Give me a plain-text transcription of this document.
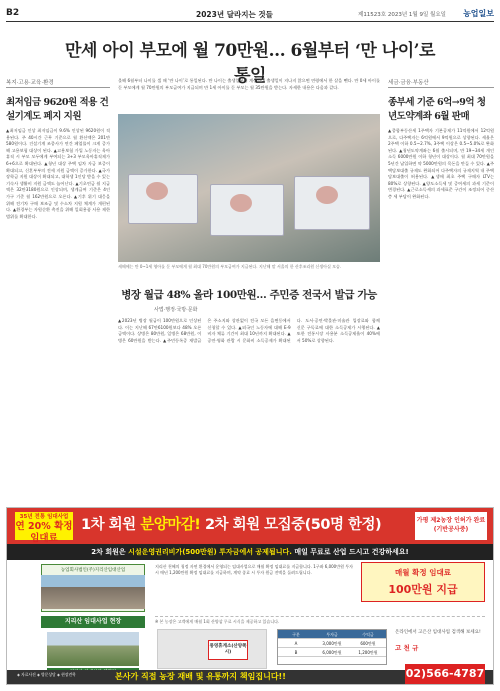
B2	2023년 달라지는 것들	제11523호 2023년 1월 9일 월요일 농업일보
만세 아이 부모에 월 70만원… 6월부터 ‘만 나이’로 통일
복지·고용·교육·환경
최저임금 9620원 적용 건설기계도 페지 지원
▲최저임금 인상 최저임금이 9.6% 인상된 9620원이 적용된다. 주 40시간 근무 기준으로 월 환산액은 201만580원이다. 건설기계 조종사가 연간 페업률이 크게 증가해 고용보험 대상이 된다. ▲고용보험 가입 노동자는 육아휴직 시 부모 모두에게 부여되는 3+3 부모육아휴직제가 6+6으로 확대된다. ▲청년 대상 주택 임차 자금 보증이 확대되고, 신혼부부의 전세 지원 금액이 증가한다. ▲국가장학금 지원 대상이 확대되고, 대학생 1인당 받을 수 있는 기숙사 생활비 지원 금액도 늘어난다. ▲기초연금 월 지급액은 32만3180원으로 인상되며, 생계급여 기준은 4인 가구 기준 월 162만원으로 오른다. ▲기후 위기 대응을 위해 전기차 구매 보조금 및 수소차 지원 체계가 개편된다. ▲환경부는 자원순환 촉진을 위해 일회용품 사용 제한 범위를 확대한다.
올해 6월부터 나이를 셀 때 ‘만 나이’로 통일된다. 만 나이는 출생일부터 계산하며 출생일이 지나지 않으면 연령에서 한 살을 뺀다. 만 0세 아이를 둔 부모에게 월 70만원의 부모급여가 지급되며 만 1세 아이를 둔 부모는 월 35만원을 받는다. 자세한 내용은 다음과 같다.
새해에는 만 0~1세 영아를 둔 부모에게 월 최대 70만원의 부모급여가 지급된다. 지난해 말 서울의 한 산후조리원 신생아실 모습.
병장 월급 48% 올라 100만원… 주민증 전국서 발급 가능
사법·행정·국방·문화
▲2023년 병장 월급이 100만원으로 인상된다. 이는 지난해 67만6100원보다 48% 오른 금액이다. 상병은 80만원, 일병은 68만원, 이병은 60만원을 받는다. ▲주민등록증 재발급은 주소지와 상관없이 전국 모든 읍면동에서 신청할 수 있다. ▲외국인 노동자에 대해 E-9 비자 체류 기간이 최대 10년까지 확대된다. ▲공연·영화 관람 시 문화비 소득공제가 확대된다. 도서·공연·박물관·미술관 입장료와 함께 신문 구독료에 대한 소득공제가 시행된다. ▲또한 전통시장 사용분 소득공제율이 40%에서 50%로 상향된다.
세금·금융·부동산
종부세 기준 6억→9억 청년도약계좌 6월 판매
▲종합부동산세 1주택자 기본공제가 11억원에서 12억원으로, 다주택자는 6억원에서 9억원으로 상향된다. 세율은 2주택 이하 0.5~2.7%, 3주택 이상은 0.5~5.0%로 완화된다. ▲청년도약계좌는 6월 출시되며, 만 19~34세 개인소득 6000만원 이하 청년이 대상이다. 월 최대 70만원을 5년간 납입하면 약 5000만원의 목돈을 만들 수 있다. ▲주택담보대출 규제도 완화되어 다주택자의 규제지역 내 주택담보대출이 허용된다. ▲생애 최초 주택 구매자 LTV는 80%로 상향된다. ▲양도소득세 및 증여세의 과세 기준이 변경된다. ▲근로소득세의 과세표준 구간이 조정되어 중산층 세 부담이 완화된다.
35년 전통 임대사업
연 20% 확정임대료
1차 회원 분양마감! 2차 회원 모집중(50명 한정)	가평 제2농장 인허가 완료(기반공사중)
2차 회원은 시설운영권리비가(500만원) 투자금에서 공제됩니다. 매일 무료로 산업 드시고 건강하세요!
농업회사법인(주)지리산임대산업
지리산 임대사업 현장
지리산 천혜의 청정 자연 환경에서 운영되는 임대사업으로 매월 확정 임대료를 지급합니다. 1구좌 6,000만원 투자 시 매년 1,200만원 확정 임대료를 지급하며, 계약 종료 시 투자 원금 전액을 돌려드립니다.	매월 확정 임대료
100만원 지급
※ 본 농장은 고객에게 매월 1회 산양삼 무료 시식을 제공하고 있습니다.
통영휴게소(산양쪽시)
구분	투자금	수익금
A	3,000만원	600만원
B	6,000만원	1,200만원
온라인에서 고은산 임대사업 검색해 보세요!
고 천 규
◈ 자료사진 ◈ 방문상담 ◈ 현장견학	본사가 직접 농장 재배 및 유통까지 책임집니다!!	02)566-4787
